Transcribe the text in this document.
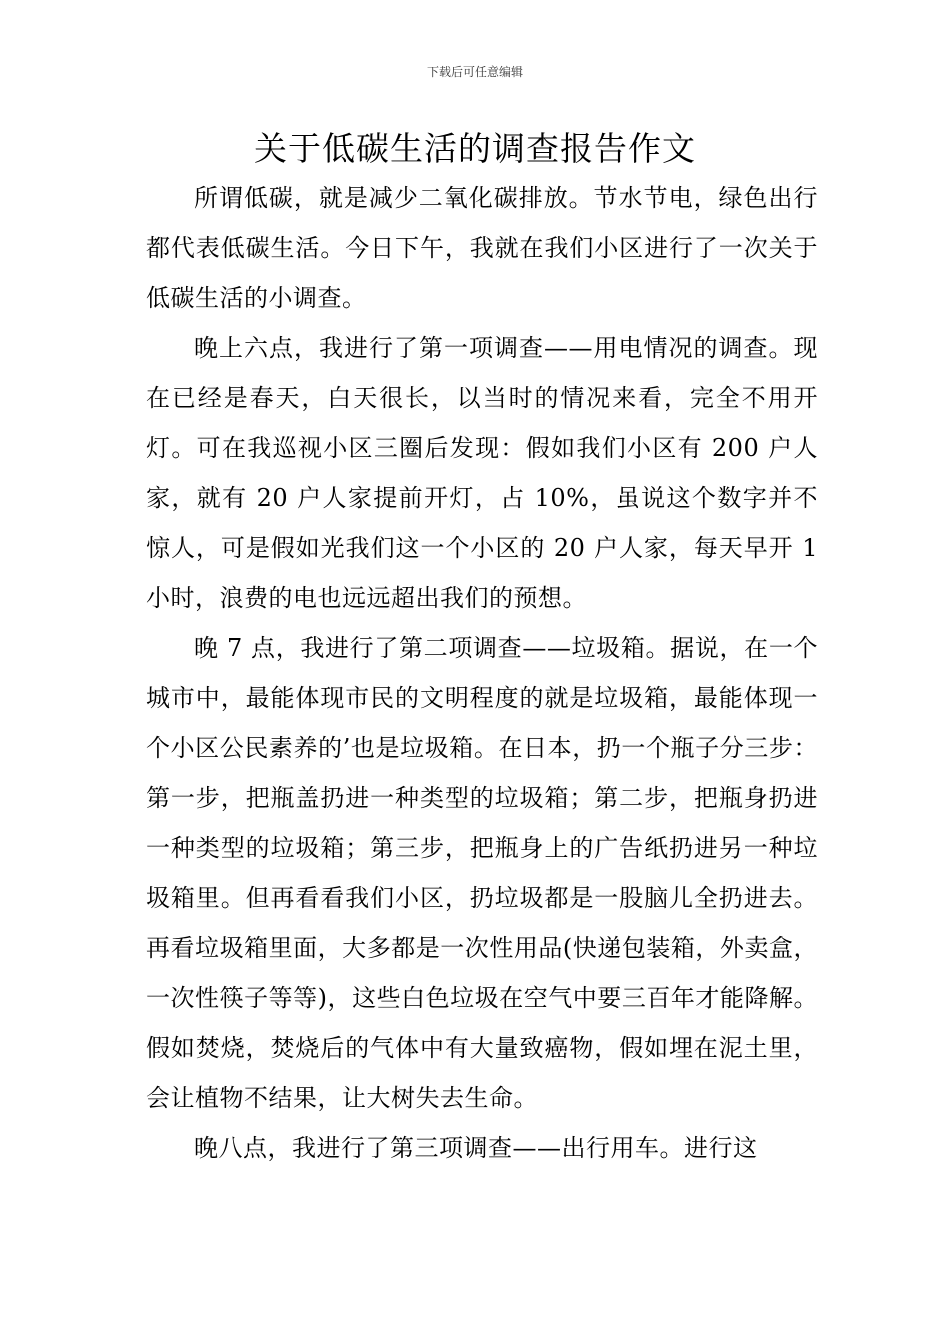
下载后可任意编辑
关于低碳生活的调查报告作文

所谓低碳，就是减少二氧化碳排放。节水节电，绿色出行都代表低碳生活。今日下午，我就在我们小区进行了一次关于低碳生活的小调查。

晚上六点，我进行了第一项调查——用电情况的调查。现在已经是春天，白天很长，以当时的情况来看，完全不用开灯。可在我巡视小区三圈后发现：假如我们小区有 200 户人家，就有 20 户人家提前开灯，占 10%，虽说这个数字并不惊人，可是假如光我们这一个小区的 20 户人家，每天早开 1 小时，浪费的电也远远超出我们的预想。

晚 7 点，我进行了第二项调查——垃圾箱。据说，在一个城市中，最能体现市民的文明程度的就是垃圾箱，最能体现一个小区公民素养的’也是垃圾箱。在日本，扔一个瓶子分三步：第一步，把瓶盖扔进一种类型的垃圾箱；第二步，把瓶身扔进一种类型的垃圾箱；第三步，把瓶身上的广告纸扔进另一种垃圾箱里。但再看看我们小区，扔垃圾都是一股脑儿全扔进去。再看垃圾箱里面，大多都是一次性用品(快递包装箱，外卖盒，一次性筷子等等)，这些白色垃圾在空气中要三百年才能降解。假如焚烧，焚烧后的气体中有大量致癌物，假如埋在泥土里，会让植物不结果，让大树失去生命。

晚八点，我进行了第三项调查——出行用车。进行这
